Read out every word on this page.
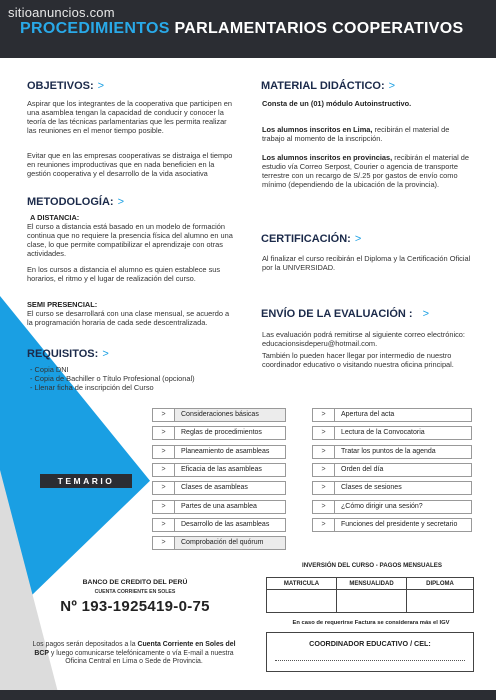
sitioanuncios.com
PROCEDIMIENTOS PARLAMENTARIOS COOPERATIVOS
OBJETIVOS: >
Aspirar que los integrantes de la cooperativa que participen en una asamblea tengan la capacidad de conducir y conocer la teoría de las técnicas parlamentarias que les permita realizar las reuniones en el menor tiempo posible.
Evitar que en las empresas cooperativas se distraiga el tiempo en reuniones improductivas que en nada beneficien en la gestión cooperativa y el desarrollo de la vida asociativa
METODOLOGÍA: >
A DISTANCIA:
El curso a distancia está basado en un modelo de formación continua que no requiere la presencia física del alumno en una clase, lo que permite compatibilizar el aprendizaje con otras actividades.
En los cursos a distancia el alumno es quien establece sus horarios, el ritmo y el lugar de realización del curso.
SEMI PRESENCIAL:
El curso se desarrollará con una clase mensual, se acuerdo a la programación horaria de cada sede descentralizada.
REQUISITOS: >
- Copia DNI
- Copia de Bachiller o Título Profesional (opcional)
- Llenar ficha de inscripción del Curso
MATERIAL DIDÁCTICO: >
Consta de un (01) módulo Autoinstructivo.
Los alumnos inscritos en Lima, recibirán el material de trabajo al momento de la inscripción.
Los alumnos inscritos en provincias, recibirán el material de estudio vía Correo Serpost, Courier o agencia de transporte terrestre con un recargo de S/.25 por gastos de envío como mínimo (dependiendo de la ubicación de la provincia).
CERTIFICACIÓN: >
Al finalizar el curso recibirán el Diploma y la Certificación Oficial por la UNIVERSIDAD.
ENVÍO DE LA EVALUACIÓN : >
Las evaluación podrá remitirse al siguiente correo electrónico: educacionsisdeperu@hotmail.com.
También lo pueden hacer llegar por intermedio de nuestro coordinador educativo o visitando nuestra oficina principal.
TEMARIO
>	Consideraciones básicas
>	Reglas de procedimientos
>	Planeamiento de asambleas
>	Eficacia de las asambleas
>	Clases de asambleas
>	Partes de una asamblea
>	Desarrollo de las asambleas
>	Comprobación del quórum
>	Apertura del acta
>	Lectura de la Convocatoria
>	Tratar los puntos de la agenda
>	Orden del día
>	Clases de sesiones
>	¿Cómo dirigir una sesión?
>	Funciones del presidente y secretario
BANCO DE CREDITO DEL PERÚ
CUENTA CORRIENTE EN SOLES
Nº 193-1925419-0-75
INVERSIÓN DEL CURSO - PAGOS MENSUALES
MATRICULA	MENSUALIDAD	DIPLOMA
En caso de requerirse Factura se considerara más el IGV
COORDINADOR EDUCATIVO / CEL:
Los pagos serán depositados a la Cuenta Corriente en Soles del BCP y luego comunicarse telefónicamente o vía E-mail a nuestra Oficina Central en Lima o Sede de Provincia.
